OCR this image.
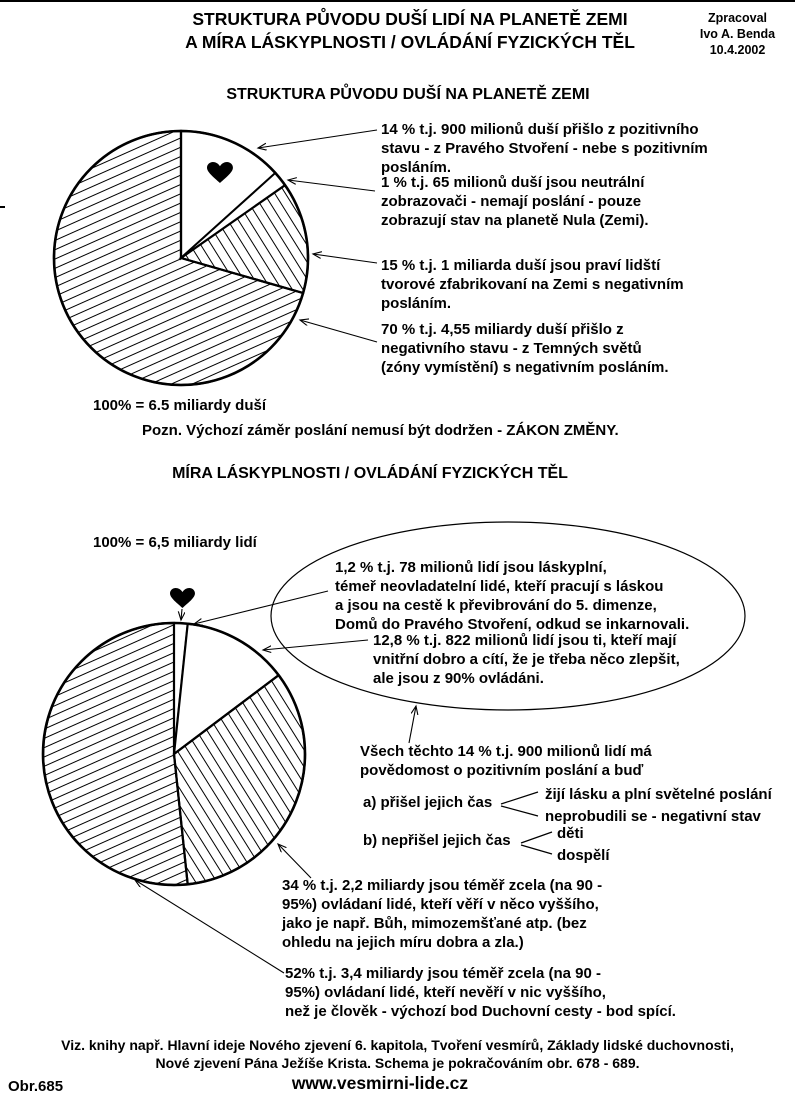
STRUKTURA PŮVODU DUŠÍ LIDÍ NA PLANETĚ ZEMI
A MÍRA LÁSKYPLNOSTI / OVLÁDÁNÍ FYZICKÝCH TĚL
Zpracoval
Ivo A. Benda
10.4.2002
STRUKTURA PŮVODU DUŠÍ NA PLANETĚ ZEMI
14 % t.j. 900 milionů duší přišlo z pozitivního
stavu - z Pravého Stvoření - nebe s pozitivním
posláním.
1 % t.j. 65 milionů duší jsou neutrální
zobrazovači - nemají poslání - pouze
zobrazují stav na planetě Nula (Zemi).
15 % t.j. 1 miliarda duší jsou praví lidští
tvorové zfabrikovaní na Zemi s negativním
posláním.
70 % t.j. 4,55 miliardy duší přišlo z
negativního stavu - z Temných světů
(zóny vymístění) s negativním posláním.
100% = 6.5 miliardy duší
Pozn. Výchozí záměr poslání nemusí být dodržen - ZÁKON ZMĚNY.
MÍRA LÁSKYPLNOSTI / OVLÁDÁNÍ FYZICKÝCH TĚL
100% = 6,5 miliardy lidí
1,2 % t.j. 78 milionů lidí jsou láskyplní,
témeř neovladatelní lidé, kteří pracují s láskou
a jsou na cestě k převibrování do 5. dimenze,
Domů do Pravého Stvoření, odkud se inkarnovali.
12,8 % t.j. 822 milionů lidí jsou ti, kteří mají
vnitřní dobro a cítí, že je třeba něco zlepšit,
ale jsou z 90% ovládáni.
Všech těchto 14 % t.j. 900 milionů lidí má
povědomost o pozitivním poslání a buď
a) přišel jejich čas	žijí lásku a plní světelné poslání
neprobudili se - negativní stav
b) nepřišel jejich čas	děti
dospělí
34 % t.j. 2,2 miliardy jsou téměř zcela (na 90 -
95%) ovládaní lidé, kteří věří v něco vyššího,
jako je např. Bůh, mimozemšťané atp. (bez
ohledu na jejich míru dobra a zla.)
52% t.j. 3,4 miliardy jsou téměř zcela (na 90 -
95%) ovládaní lidé, kteří nevěří v nic vyššího,
než je člověk - výchozí bod Duchovní cesty - bod spící.
Viz. knihy např. Hlavní ideje Nového zjevení 6. kapitola, Tvoření vesmírů, Základy lidské duchovnosti,
Nové zjevení Pána Ježíše Krista. Schema je pokračováním obr. 678 - 689.
Obr.685	www.vesmirni-lide.cz
